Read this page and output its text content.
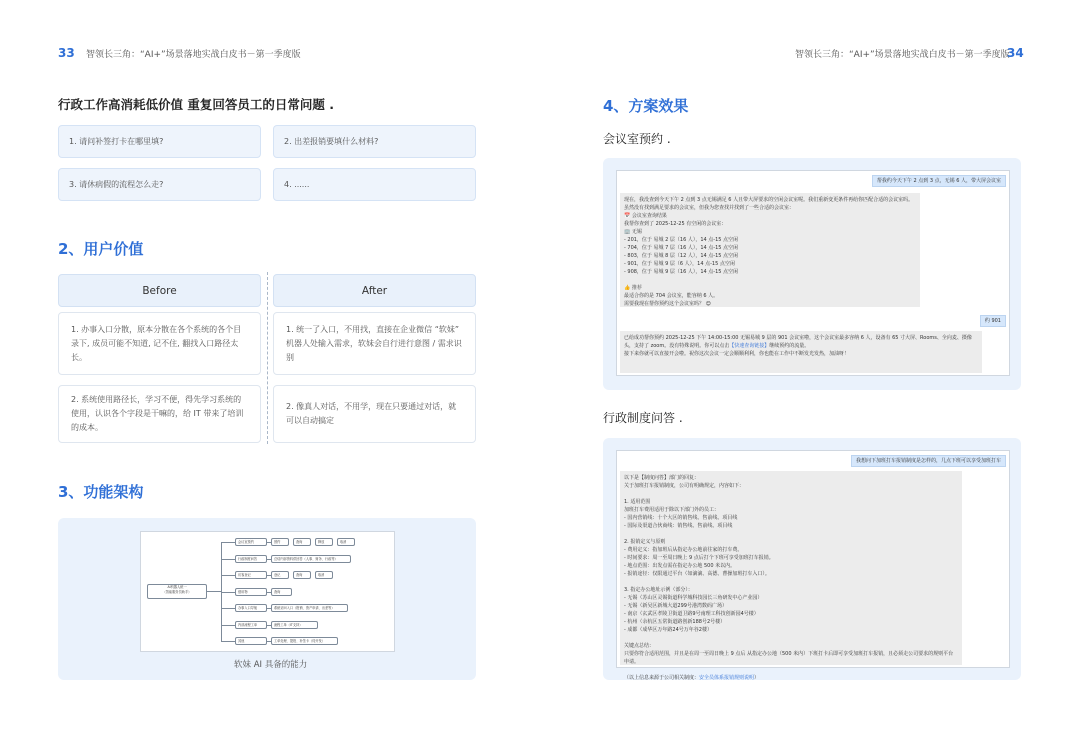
33 智领长三角：“AI+”场景落地实战白皮书－第一季度版	智领长三角：“AI+”场景落地实战白皮书－第一季度版
34
行政工作高消耗低价值 重复回答员工的日常问题 .
1. 请问补签打卡在哪里填?	2. 出差报销要填什么材料?
3. 请休病假的流程怎么走?	4. ......
2、用户价值
Before	After
1. 办事入口分散，原本分散在各个系统的各个目录下, 成员可能不知道, 记不住, 翻找入口路径太长。
1. 统一了入口，不用找，直接在企业微信 “软妹” 机器人处输入需求，软妹会自行进行意图 / 需求识别
2. 系统使用路径长，学习不便，得先学习系统的使用，认识各个字段是干嘛的，给 IT 带来了培训的成本。
2. 像真人对话，不用学，现在只要通过对话，就可以自动搞定
3、功能架构
AI机器人统一
（智能服务员助手）
会议室预约	预约	查询	释放	取消
行政制度问答	总结内部资料供回答（人事、财务、行政等）
访客登记	登记	查询	取消
借用物	查询
办事入口导航	系统访问入口（报销、资产申请、出差等）
内部流程工单	流程工单（IT支持）
其他	工单处理、提报、补签卡（待开发）
软妹 AI 具备的能力
4、方案效果
会议室预约 .
帮我约今天下午 2 点到 3 点，无锡 6 人，带大屏会议室
现在，我没查到今天下午 2 点到 3 点无锡满足 6 人且带大屏要求的空闲会议室呢。我们重新变更条件再给你匹配合适的会议室吗。
虽然没有找到满足要求的会议室，但我为您查找并找到了一些合适的会议室：
📅 会议室查询结果
我帮你查到了 2025-12-25 有空闲的会议室：
🏢 无锡
- 201，位于 易城 2 层（16 人），14 点-15 点空闲
- 704，位于 易城 7 层（16 人），14 点-15 点空闲
- 803，位于 易城 8 层（12 人），14 点-15 点空闲
- 901，位于 易城 9 层（6 人），14 点-15 点空闲
- 908，位于 易城 9 层（16 人），14 点-15 点空闲

👍 推荐
最适合你的是 704 会议室，能容纳 6 人。
需要我现在帮你预约这个会议室吗？ 😊
约 901
已给成功帮你预约 2025-12-25 下午 14:00-15:00 无锡易城 9 层的 901 会议室啦，这个会议室最多容纳 6 人，设备有 65 寸大屏、Rooms、全向麦、摄像头，支持了 zoom。没有特殊说明。你可以点击【快速查询链接】继续预约的流量。
接下来你就可以直接开会啦。祝你这次会议一定会顺顺利利，你也能在工作中不断发光发热，加油呀！
行政制度问答 .
我想问下加班打车报销制度是怎样的，几点下班可以享受加班打车
以下是【制度问答】部门的回复：
关于加班打车报销制度，公司有明确规定，内容如下：

1. 适用范围
加班打车费用适用于除以下部门外的员工：
- 国内营销线：十个大区的销售线、售前线、项目线
- 国际及渠道合伙商线：销售线、售前线、项目线

2. 报销定义与原则
- 费用定义：指加班后从指定办公地前往家的打车费。
- 时间要求：周一至周日晚上 9 点后打个下班可享受加班打车报销。
- 地点范围：出发点需在指定办公地 500 米以内。
- 报销途径：仅限通过平台（如滴滴、高德、曹操加班打车入口）。

3. 指定办公地址示例（部分）：
- 无锡（苏山区灵锡街道科学城科技园长三角研发中心产业园）
- 无锡（新吴区新城大道299号港湾数码广场）
- 南京（玄武区孝陵卫街道卫路9号南理工科技创新园4号楼）
- 杭州（余杭区五常街道路创新188号2号楼）
- 成都（成华区万年路24号万年谷2楼）

关键点总结：
只要你符合适用范围，并且是在周一至周日晚上 9 点后 从指定办公地（500 米内）下班打卡后即可享受加班打车报销，且必须走公司要求的规则平台申请。

（以上信息来源于公司相关制度：安全员体系报销规则说明）
